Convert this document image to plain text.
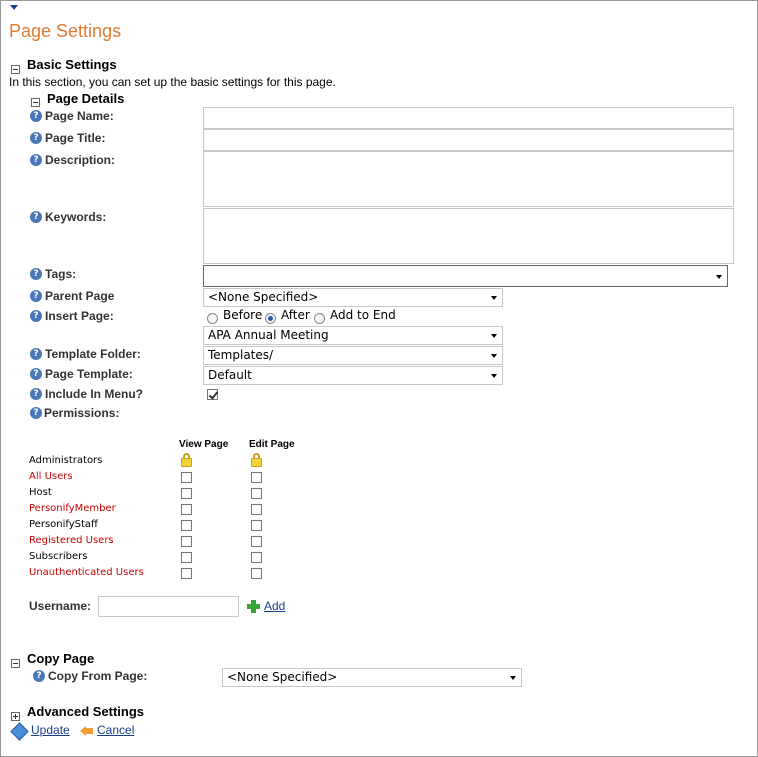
Page Settings
Basic Settings
In this section, you can set up the basic settings for this page.
Page Details
? Page Name:
? Page Title:
? Description:
? Keywords:
? Tags:
? Parent Page	<None Specified>
? Insert Page:	Before After Add to End
APA Annual Meeting
? Template Folder:	Templates/
? Page Template:	Default
? Include In Menu?
? Permissions:
View Page Edit Page
Administrators
All Users
Host
PersonifyMember
PersonifyStaff
Registered Users
Subscribers
Unauthenticated Users
Username:	Add
Copy Page
? Copy From Page:	<None Specified>
Advanced Settings
Update Cancel
